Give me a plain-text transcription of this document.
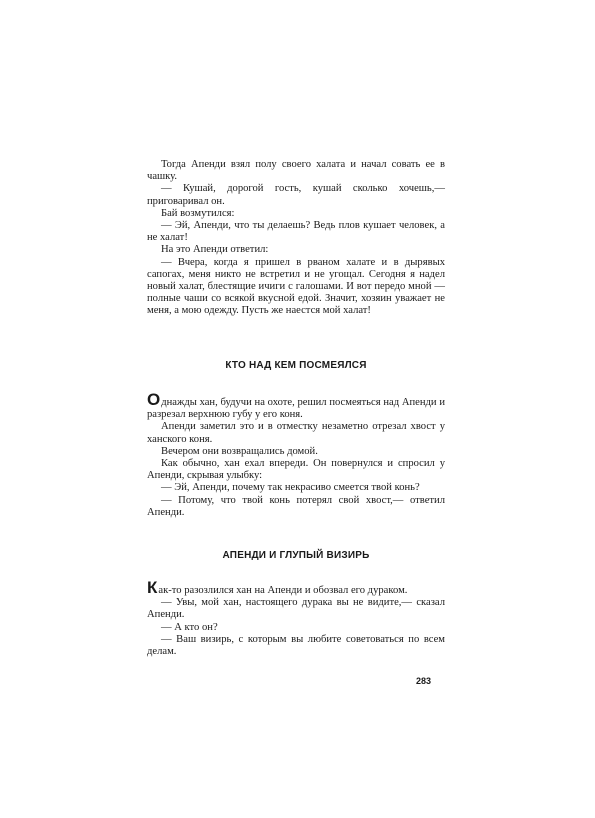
Тогда Апенди взял полу своего халата и начал совать ее в чашку.

— Кушай, дорогой гость, кушай сколько хочешь,— приговаривал он.

Бай возмутился:

— Эй, Апенди, что ты делаешь? Ведь плов кушает человек, а не халат!

На это Апенди ответил:

— Вчера, когда я пришел в рваном халате и в дырявых сапогах, меня никто не встретил и не угощал. Сегодня я надел новый халат, блестящие ичиги с галошами. И вот передо мной — полные чаши со всякой вкусной едой. Значит, хозяин уважает не меня, а мою одежду. Пусть же наестся мой халат!

КТО НАД КЕМ ПОСМЕЯЛСЯ

Однажды хан, будучи на охоте, решил посмеяться над Апенди и разрезал верхнюю губу у его коня.

Апенди заметил это и в отместку незаметно отрезал хвост у ханского коня.

Вечером они возвращались домой.

Как обычно, хан ехал впереди. Он повернулся и спросил у Апенди, скрывая улыбку:

— Эй, Апенди, почему так некрасиво смеется твой конь?

— Потому, что твой конь потерял свой хвост,— ответил Апенди.

АПЕНДИ И ГЛУПЫЙ ВИЗИРЬ

Как-то разозлился хан на Апенди и обозвал его дураком.

— Увы, мой хан, настоящего дурака вы не видите,— сказал Апенди.

— А кто он?

— Ваш визирь, с которым вы любите советоваться по всем делам.

283
